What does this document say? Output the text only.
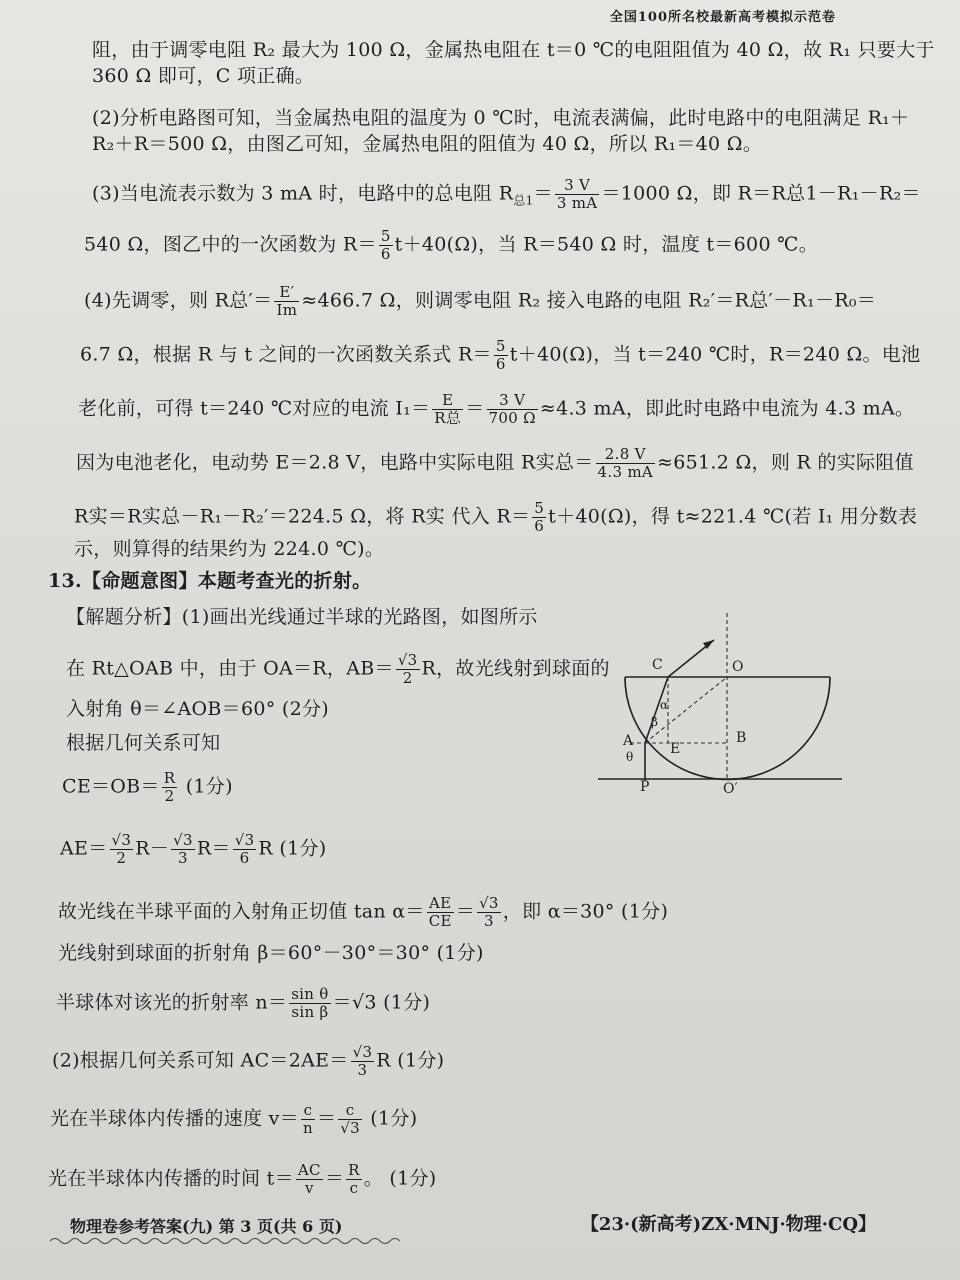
全国100所名校最新高考模拟示范卷
阻，由于调零电阻 R₂ 最大为 100 Ω，金属热电阻在 t＝0 ℃的电阻阻值为 40 Ω，故 R₁ 只要大于
360 Ω 即可，C 项正确。
(2)分析电路图可知，当金属热电阻的温度为 0 ℃时，电流表满偏，此时电路中的电阻满足 R₁＋
R₂＋R＝500 Ω，由图乙可知，金属热电阻的阻值为 40 Ω，所以 R₁＝40 Ω。
(3)当电流表示数为 3 mA 时，电路中的总电阻 $R_{总1}= \frac{3 V}{3 mA} =1000$ Ω，即 R＝R总1－R₁－R₂＝
540 Ω，图乙中的一次函数为 $R= \frac{5}{6} t+40(\Omega)$，当 R＝540 Ω 时，温度 t＝600 ℃。
(4)先调零，则 R总′＝ $\frac{E'}{Im} \approx 466.7$ Ω，则调零电阻 R₂ 接入电路的电阻 R₂′＝R总′－R₁－R₀＝
6.7 Ω，根据 R 与 t 之间的一次函数关系式 $R= \frac{5}{6} t+40(\Omega)$，当 t＝240 ℃时，R＝240 Ω。电池
老化前，可得 t＝240 ℃对应的电流 $I_1= \frac{E}{\text{R总}} = \frac{3 V}{700 \Omega} \approx 4.3$ mA，即此时电路中电流为 4.3 mA。
因为电池老化，电动势 E＝2.8 V，电路中实际电阻 R实总＝ $\frac{2.8 V}{4.3 mA} \approx 651.2$ Ω，则 R 的实际阻值
R实＝R实总－R₁－R₂′＝224.5 Ω，将 R实 代入 $R= \frac{5}{6} t+40(\Omega)$，得 t≈221.4 ℃(若 I₁ 用分数表
示，则算得的结果约为 224.0 ℃)。
13.【命题意图】本题考查光的折射。
【解题分析】(1)画出光线通过半球的光路图，如图所示
在 Rt△OAB 中，由于 OA＝R，$AB= \frac{√3}{2}$ R，故光线射到球面的
入射角 θ＝∠AOB＝60° (2分)
根据几何关系可知
$CE=OB= \frac{R}{2} (1$分)
$AE= \frac{√3}{2} R- \frac{√3}{3} R= \frac{√3}{6}$ R (1分)
故光线在半球平面的入射角正切值 $\tan \alpha= \frac{AE}{CE} = \frac{√3}{3}$ ，即 α＝30° (1分)
光线射到球面的折射角 β＝60°－30°＝30° (1分)
半球体对该光的折射率 $n= \frac{\text{sin θ}}{\text{sin β}} =√3$ (1分)
(2)根据几何关系可知 $AC=2AE= \frac{√3}{3}$ R (1分)
光在半球体内传播的速度 $v= \frac{c}{n} = \frac{c}{√3} (1$分)
光在半球体内传播的时间 $t= \frac{AC}{v} = \frac{R}{c}$ 。 (1分)
C	O
α
β
A
θ	E
B
P	O′
物理卷参考答案(九) 第 3 页(共 6 页)	【23·(新高考)ZX·MNJ·物理·CQ】
